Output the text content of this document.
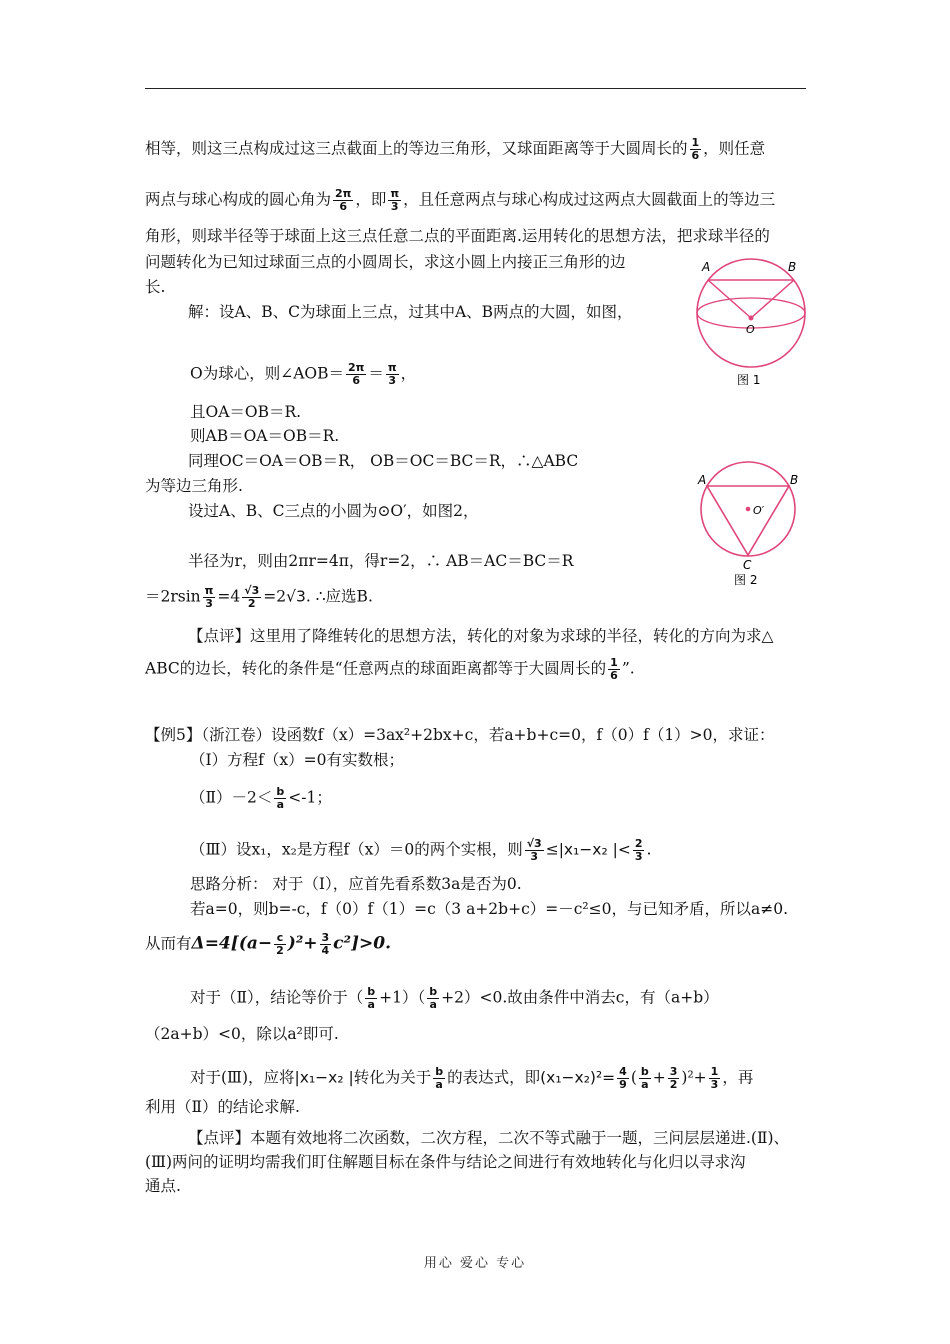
相等，则这三点构成过这三点截面上的等边三角形，又球面距离等于大圆周长的 $\frac{1}{6}$ ，则任意
两点与球心构成的圆心角为 $\frac{2\pi}{6}$ ，即 $\frac{\pi}{3}$ ，且任意两点与球心构成过这两点大圆截面上的等边三
角形，则球半径等于球面上这三点任意二点的平面距离.运用转化的思想方法，把求球半径的
问题转化为已知过球面三点的小圆周长，求这小圆上内接正三角形的边
长.
解：设A、B、C为球面上三点，过其中A、B两点的大圆，如图，
O为球心，则∠AOB＝ $\frac{2\pi}{6} = \frac{\pi}{3}$ ，
且OA＝OB＝R.
则AB＝OA＝OB＝R.
同理OC＝OA＝OB＝R， OB＝OC＝BC＝R，∴△ABC
为等边三角形.
设过A、B、C三点的小圆为⊙O′，如图2，
半径为r，则由2πr=4π，得r=2，∴ AB＝AC＝BC＝R
$=2rsin \frac{\pi}{3} =4 \frac{√3}{2} =2√3$. ∴应选B.
【点评】这里用了降维转化的思想方法，转化的对象为求球的半径，转化的方向为求△
ABC的边长，转化的条件是“任意两点的球面距离都等于大圆周长的 $\frac{1}{6}$ ”.
【例5】（浙江卷）设函数f（x）=3ax²+2bx+c，若a+b+c=0，f（0）f（1）>0，求证：
（Ⅰ）方程f（x）=0有实数根；
（Ⅱ）－2＜ $\frac{b}{a} <-1$；
（Ⅲ）设x₁，x₂是方程f（x）＝0的两个实根，则 $\frac{√3}{3} \le|x_1-x_2$ |< $\frac{2}{3}$ .
思路分析： 对于（Ⅰ），应首先看系数3a是否为0.
若a=0，则b=-c，f（0）f（1）=c（3 a+2b+c）=－c²≤0，与已知矛盾，所以a≠0.
从而有$\Delta=4[(a- \frac{c}{2} )^2+ \frac{3}{4} c^2]>0$.
对于（Ⅱ），结论等价于（ $\frac{b}{a} +1)( \frac{b}{a} +2)<0$.故由条件中消去c，有（a+b）
（2a+b）<0，除以a²即可.
对于(Ⅲ)，应将|x₁−x₂ |转化为关于 $\frac{b}{a}$ 的表达式，即$(x_1-x_2)^2= \frac{4}{9}$ ( $\frac{b}{a} + \frac{3}{2} )^2+ \frac{1}{3}$ ，再
利用（Ⅱ）的结论求解.
【点评】本题有效地将二次函数，二次方程，二次不等式融于一题，三问层层递进.(Ⅱ)、
(Ⅲ)两问的证明均需我们盯住解题目标在条件与结论之间进行有效地转化与化归以寻求沟
通点.
A	B
O
图 1
A	B
C
O′
图 2
用心 爱心 专心
